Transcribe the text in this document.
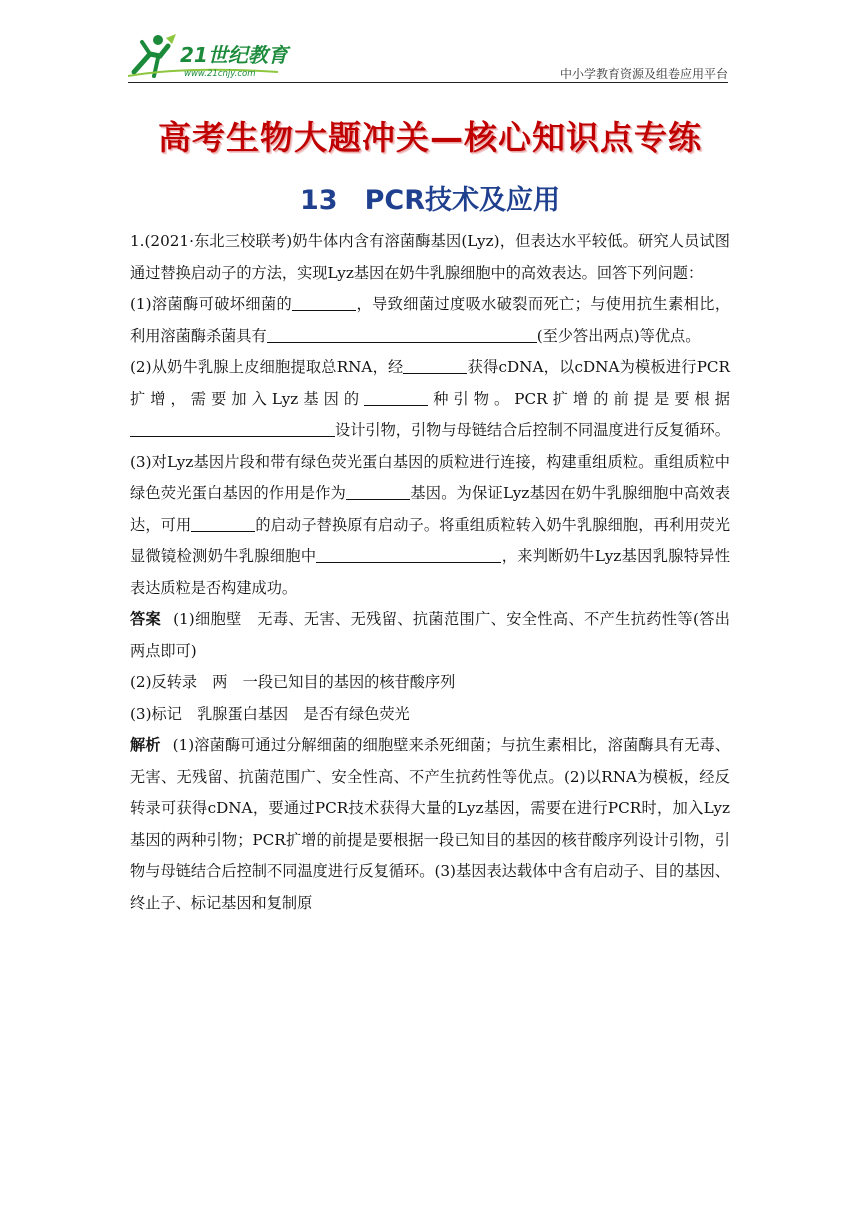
21世纪教育
www.21cnjy.com	中小学教育资源及组卷应用平台
高考生物大题冲关—核心知识点专练
13　PCR技术及应用

1.(2021·东北三校联考)奶牛体内含有溶菌酶基因(Lyz)，但表达水平较低。研究人员试图通过替换启动子的方法，实现Lyz基因在奶牛乳腺细胞中的高效表达。回答下列问题：

(1)溶菌酶可破坏细菌的	，导致细菌过度吸水破裂而死亡；与使用抗生素相比，利用溶菌酶杀菌具有	(至少答出两点)等优点。

(2)从奶牛乳腺上皮细胞提取总RNA，经	获得cDNA，以cDNA为模板进行PCR扩增，需要加入Lyz基因的	种引物。PCR扩增的前提是要根据设计引物，引物与母链结合后控制不同温度进行反复循环。

(3)对Lyz基因片段和带有绿色荧光蛋白基因的质粒进行连接，构建重组质粒。重组质粒中绿色荧光蛋白基因的作用是作为	基因。为保证Lyz基因在奶牛乳腺细胞中高效表达，可用	的启动子替换原有启动子。将重组质粒转入奶牛乳腺细胞，再利用荧光显微镜检测奶牛乳腺细胞中	，来判断奶牛Lyz基因乳腺特异性表达质粒是否构建成功。

答案 (1)细胞壁　无毒、无害、无残留、抗菌范围广、安全性高、不产生抗药性等(答出两点即可)

(2)反转录　两　一段已知目的基因的核苷酸序列

(3)标记　乳腺蛋白基因　是否有绿色荧光

解析 (1)溶菌酶可通过分解细菌的细胞壁来杀死细菌；与抗生素相比，溶菌酶具有无毒、无害、无残留、抗菌范围广、安全性高、不产生抗药性等优点。(2)以RNA为模板，经反转录可获得cDNA，要通过PCR技术获得大量的Lyz基因，需要在进行PCR时，加入Lyz基因的两种引物；PCR扩增的前提是要根据一段已知目的基因的核苷酸序列设计引物，引物与母链结合后控制不同温度进行反复循环。(3)基因表达载体中含有启动子、目的基因、终止子、标记基因和复制原
